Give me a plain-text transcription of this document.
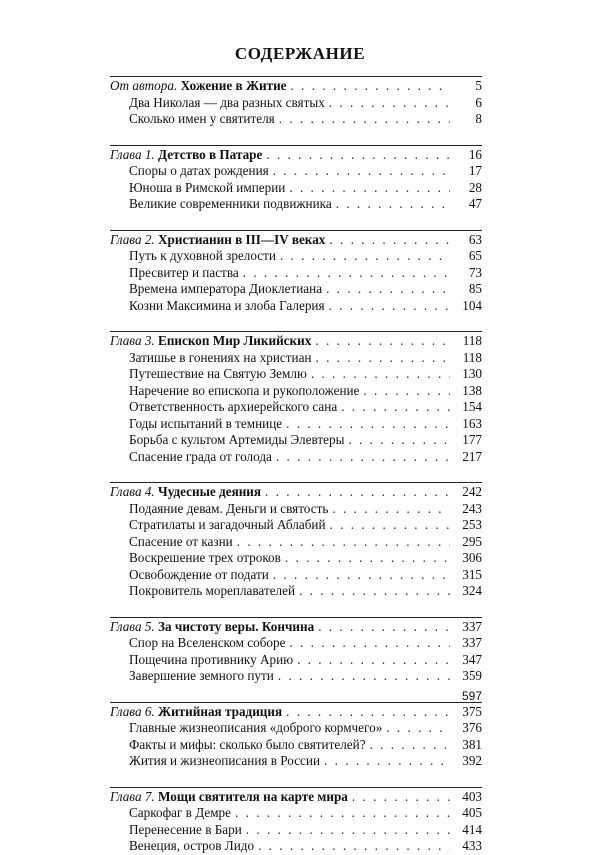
СОДЕРЖАНИЕ
От автора. Хожение в Житие . . .	5
Два Николая — два разных святых . . .	6
Сколько имен у святителя . . .	8
Глава 1. Детство в Патаре . . .	16
Споры о датах рождения . . .	17
Юноша в Римской империи . . .	28
Великие современники подвижника . . .	47
Глава 2. Христианин в III—IV веках . . .	63
Путь к духовной зрелости . . .	65
Пресвитер и паства . . .	73
Времена императора Диоклетиана . . .	85
Козни Максимина и злоба Галерия . . .	104
Глава 3. Епископ Мир Ликийских . . .	118
Затишье в гонениях на христиан . . .	118
Путешествие на Святую Землю . . .	130
Наречение во епископа и рукоположение . . .	138
Ответственность архиерейского сана . . .	154
Годы испытаний в темнице . . .	163
Борьба с культом Артемиды Элевтеры . . .	177
Спасение града от голода . . .	217
Глава 4. Чудесные деяния . . .	242
Подаяние девам. Деньги и святость . . .	243
Стратилаты и загадочный Аблабий . . .	253
Спасение от казни . . .	295
Воскрешение трех отроков . . .	306
Освобождение от подати . . .	315
Покровитель мореплавателей . . .	324
Глава 5. За чистоту веры. Кончина . . .	337
Спор на Вселенском соборе . . .	337
Пощечина противнику Арию . . .	347
Завершение земного пути . . .	359
Глава 6. Житийная традиция . . .	375
Главные жизнеописания «доброго кормчего» . . .	376
Факты и мифы: сколько было святителей? . . .	381
Жития и жизнеописания в России . . .	392
Глава 7. Мощи святителя на карте мира . . .	403
Саркофаг в Демре . . .	405
Перенесение в Бари . . .	414
Венеция, остров Лидо . . .	433
597
